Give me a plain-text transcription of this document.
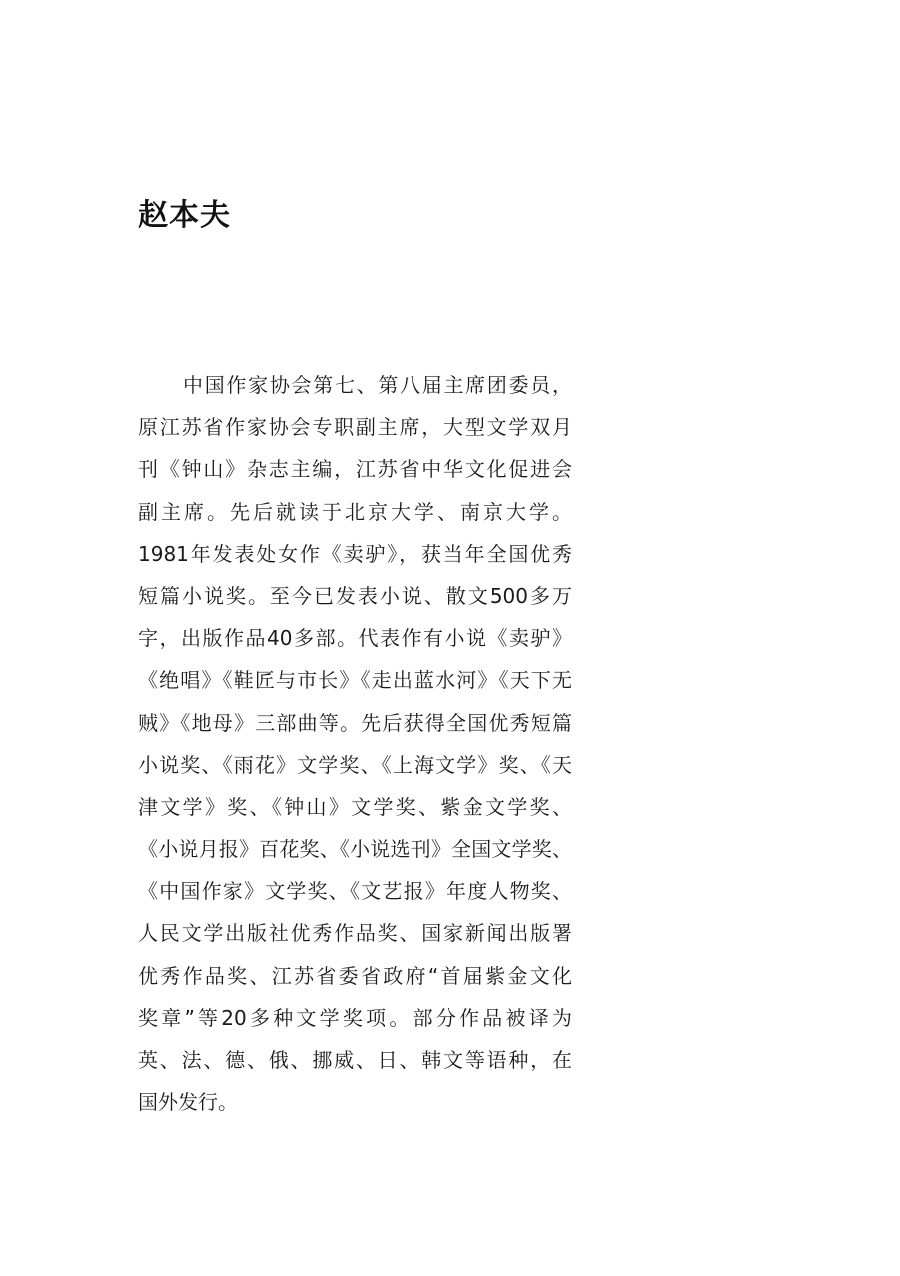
赵本夫
中国作家协会第七、第八届主席团委员，
原江苏省作家协会专职副主席，大型文学双月
刊《钟山》杂志主编，江苏省中华文化促进会
副主席。先后就读于北京大学、南京大学。
1981年发表处女作《卖驴》，获当年全国优秀
短篇小说奖。至今已发表小说、散文500多万
字，出版作品40多部。代表作有小说《卖驴》
《绝唱》《鞋匠与市长》《走出蓝水河》《天下无
贼》《地母》三部曲等。先后获得全国优秀短篇
小说奖、《雨花》文学奖、《上海文学》奖、《天
津文学》奖、《钟山》文学奖、紫金文学奖、
《小说月报》百花奖、《小说选刊》全国文学奖、
《中国作家》文学奖、《文艺报》年度人物奖、
人民文学出版社优秀作品奖、国家新闻出版署
优秀作品奖、江苏省委省政府“首届紫金文化
奖章”等20多种文学奖项。部分作品被译为
英、法、德、俄、挪威、日、韩文等语种，在
国外发行。
